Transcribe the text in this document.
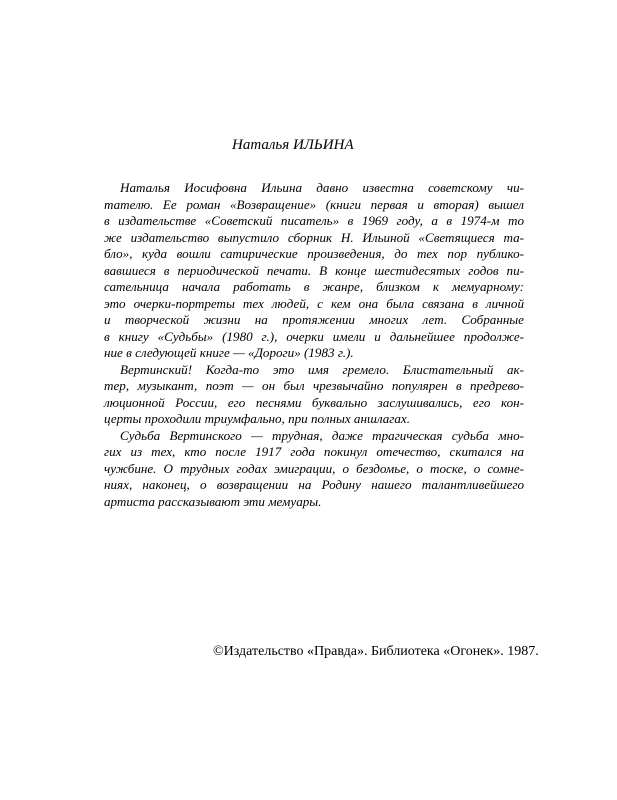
Наталья ИЛЬИНА
Наталья Иосифовна Ильина давно известна советскому чи-
тателю. Ее роман «Возвращение» (книги первая и вторая) вышел
в издательстве «Советский писатель» в 1969 году, а в 1974-м то
же издательство выпустило сборник Н. Ильиной «Светящиеся та-
бло», куда вошли сатирические произведения, до тех пор публико-
вавшиеся в периодической печати. В конце шестидесятых годов пи-
сательница начала работать в жанре, близком к мемуарному:
это очерки-портреты тех людей, с кем она была связана в личной
и творческой жизни на протяжении многих лет. Собранные
в книгу «Судьбы» (1980 г.), очерки имели и дальнейшее продолже-
ние в следующей книге — «Дороги» (1983 г.).
Вертинский! Когда-то это имя гремело. Блистательный ак-
тер, музыкант, поэт — он был чрезвычайно популярен в предрево-
люционной России, его песнями буквально заслушивались, его кон-
церты проходили триумфально, при полных аншлагах.
Судьба Вертинского — трудная, даже трагическая судьба мно-
гих из тех, кто после 1917 года покинул отечество, скитался на
чужбине. О трудных годах эмиграции, о бездомье, о тоске, о сомне-
ниях, наконец, о возвращении на Родину нашего талантливейшего
артиста рассказывают эти мемуары.
©Издательство «Правда». Библиотека «Огонек». 1987.
